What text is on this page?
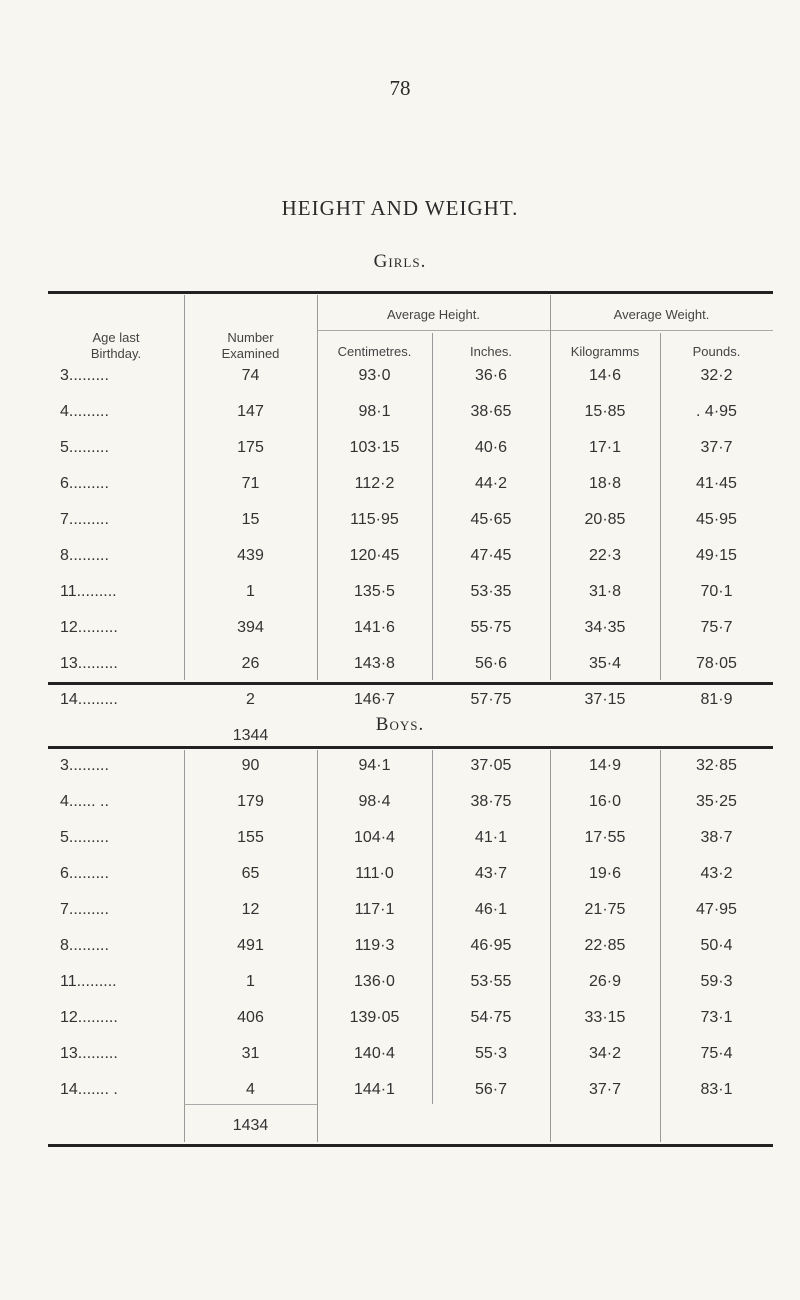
78
HEIGHT AND WEIGHT.
Girls.
Age last
Birthday.
Number
Examined
Average Height.	Average Weight.
Centimetres.	Inches.	Kilogramms	Pounds.
3.........	74	93·0	36·6	14·6	32·2
4.........	147	98·1	38·65	15·85	. 4·95
5.........	175	103·15	40·6	17·1	37·7
6.........	71	112·2	44·2	18·8	41·45
7.........	15	115·95	45·65	20·85	45·95
8.........	439	120·45	47·45	22·3	49·15
11.........	1	135·5	53·35	31·8	70·1
12.........	394	141·6	55·75	34·35	75·7
13.........	26	143·8	56·6	35·4	78·05
14.........	2	146·7	57·75	37·15	81·9
	1344				
Boys.
3.........	90	94·1	37·05	14·9	32·85
4...... ..	179	98·4	38·75	16·0	35·25
5.........	155	104·4	41·1	17·55	38·7
6.........	65	111·0	43·7	19·6	43·2
7.........	12	117·1	46·1	21·75	47·95
8.........	491	119·3	46·95	22·85	50·4
11.........	1	136·0	53·55	26·9	59·3
12.........	406	139·05	54·75	33·15	73·1
13.........	31	140·4	55·3	34·2	75·4
14....... .	4	144·1	56·7	37·7	83·1
	1434				
